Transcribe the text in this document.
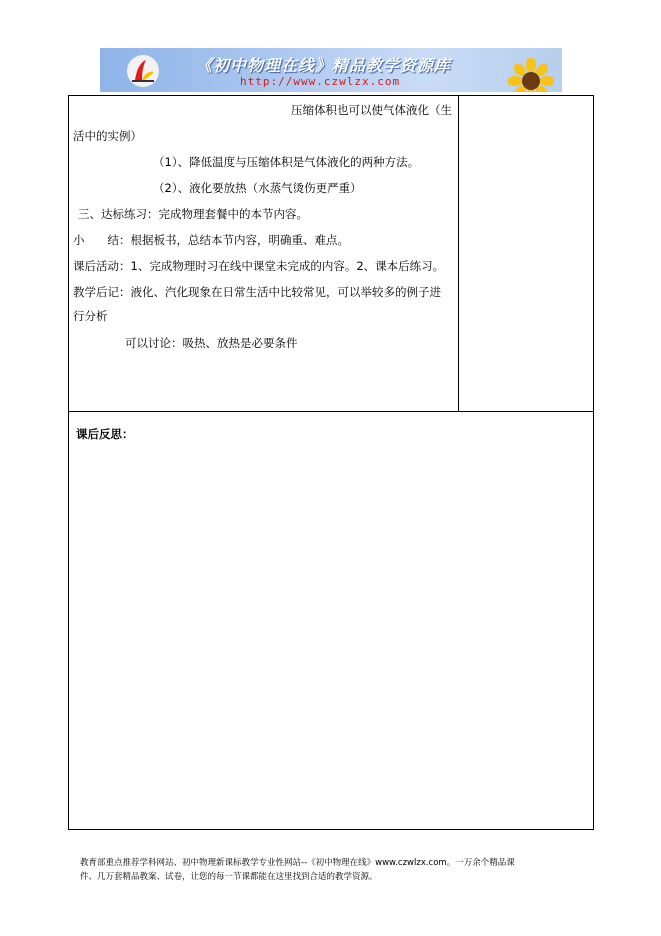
《初中物理在线》精品教学资源库
http://www.czwlzx.com
压缩体积也可以使气体液化（生
活中的实例）
（1）、降低温度与压缩体积是气体液化的两种方法。
（2）、液化要放热（水蒸气烫伤更严重）
三、达标练习：完成物理套餐中的本节内容。
小　　结：根据板书，总结本节内容，明确重、难点。
课后活动：1、完成物理时习在线中课堂未完成的内容。2、课本后练习。
教学后记：液化、汽化现象在日常生活中比较常见，可以举较多的例子进
行分析
可以讨论：吸热、放热是必要条件
课后反思：
教育部重点推荐学科网站、初中物理新课标教学专业性网站--《初中物理在线》www.czwlzx.com。一万余个精品课
件、几万套精品教案、试卷，让您的每一节课都能在这里找到合适的教学资源。
